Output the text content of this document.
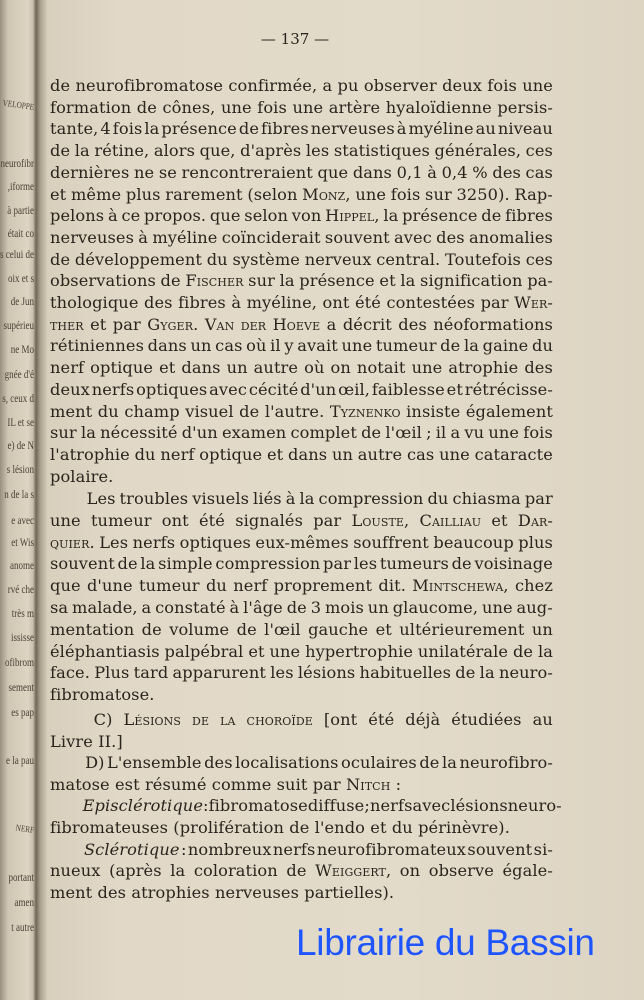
— 137 —
VELOPPE
neurofibr
iforme,
à partie
était co
s celui de
oix et s
de Jun
supérieu
ne Mo
gnée d'é
s, ceux d
IL et se
e) de N
s lésion
n de la s
e avec
et Wis
anome
rvé che
très m
ississe
ofibrom
sement
es pap
e la pau
NERF
portant
amen
t autre
de neurofibromatose confirmée, a pu observer deux fois une
formation de cônes, une fois une artère hyaloïdienne persis-
tante, 4 fois la présence de fibres nerveuses à myéline au niveau
de la rétine, alors que, d'après les statistiques générales, ces
dernières ne se rencontreraient que dans 0,1 à 0,4 % des cas
et même plus rarement (selon Monz, une fois sur 3250). Rap-
pelons à ce propos. que selon von Hippel, la présence de fibres
nerveuses à myéline coïnciderait souvent avec des anomalies
de développement du système nerveux central. Toutefois ces
observations de Fischer sur la présence et la signification pa-
thologique des fibres à myéline, ont été contestées par Wer-
ther et par Gyger. Van der Hoeve a décrit des néoformations
rétiniennes dans un cas où il y avait une tumeur de la gaine du
nerf optique et dans un autre où on notait une atrophie des
deux nerfs optiques avec cécité d'un œil, faiblesse et rétrécisse-
ment du champ visuel de l'autre. Tyznenko insiste également
sur la nécessité d'un examen complet de l'œil ; il a vu une fois
l'atrophie du nerf optique et dans un autre cas une cataracte
polaire.

Les troubles visuels liés à la compression du chiasma par
une tumeur ont été signalés par Louste, Cailliau et Dar-
quier. Les nerfs optiques eux-mêmes souffrent beaucoup plus
souvent de la simple compression par les tumeurs de voisinage
que d'une tumeur du nerf proprement dit. Mintschewa, chez
sa malade, a constaté à l'âge de 3 mois un glaucome, une aug-
mentation de volume de l'œil gauche et ultérieurement un
éléphantiasis palpébral et une hypertrophie unilatérale de la
face. Plus tard apparurent les lésions habituelles de la neuro-
fibromatose.

C) Lésions de la choroïde [ont été déjà étudiées au
Livre II.]

D) L'ensemble des localisations oculaires de la neurofibro-
matose est résumé comme suit par Nitch :

Episclérotique : fibromatose diffuse ; nerfs avec lésions neuro-
fibromateuses (prolifération de l'endo et du périnèvre).

Sclérotique : nombreux nerfs neurofibromateux souvent si-
nueux (après la coloration de Weiggert, on observe égale-
ment des atrophies nerveuses partielles).
Librairie du Bassin
